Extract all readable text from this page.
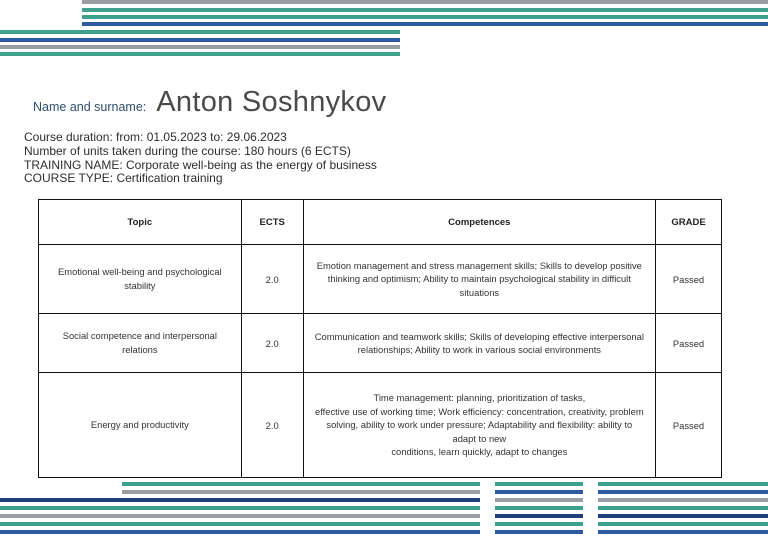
Name and surname: Anton Soshnykov
Course duration: from: 01.05.2023 to: 29.06.2023
Number of units taken during the course: 180 hours (6 ECTS)
TRAINING NAME: Corporate well-being as the energy of business
COURSE TYPE: Certification training
Topic	ECTS	Competences	GRADE
Emotional well-being and psychological stability	2.0	Emotion management and stress management skills; Skills to develop positive
thinking and optimism; Ability to maintain psychological stability in difficult
situations	Passed
Social competence and interpersonal relations	2.0	Communication and teamwork skills; Skills of developing effective interpersonal
relationships; Ability to work in various social environments	Passed
Energy and productivity	2.0	Time management: planning, prioritization of tasks,
effective use of working time; Work efficiency: concentration, creativity, problem
solving, ability to work under pressure; Adaptability and flexibility: ability to
adapt to new
conditions, learn quickly, adapt to changes	Passed
